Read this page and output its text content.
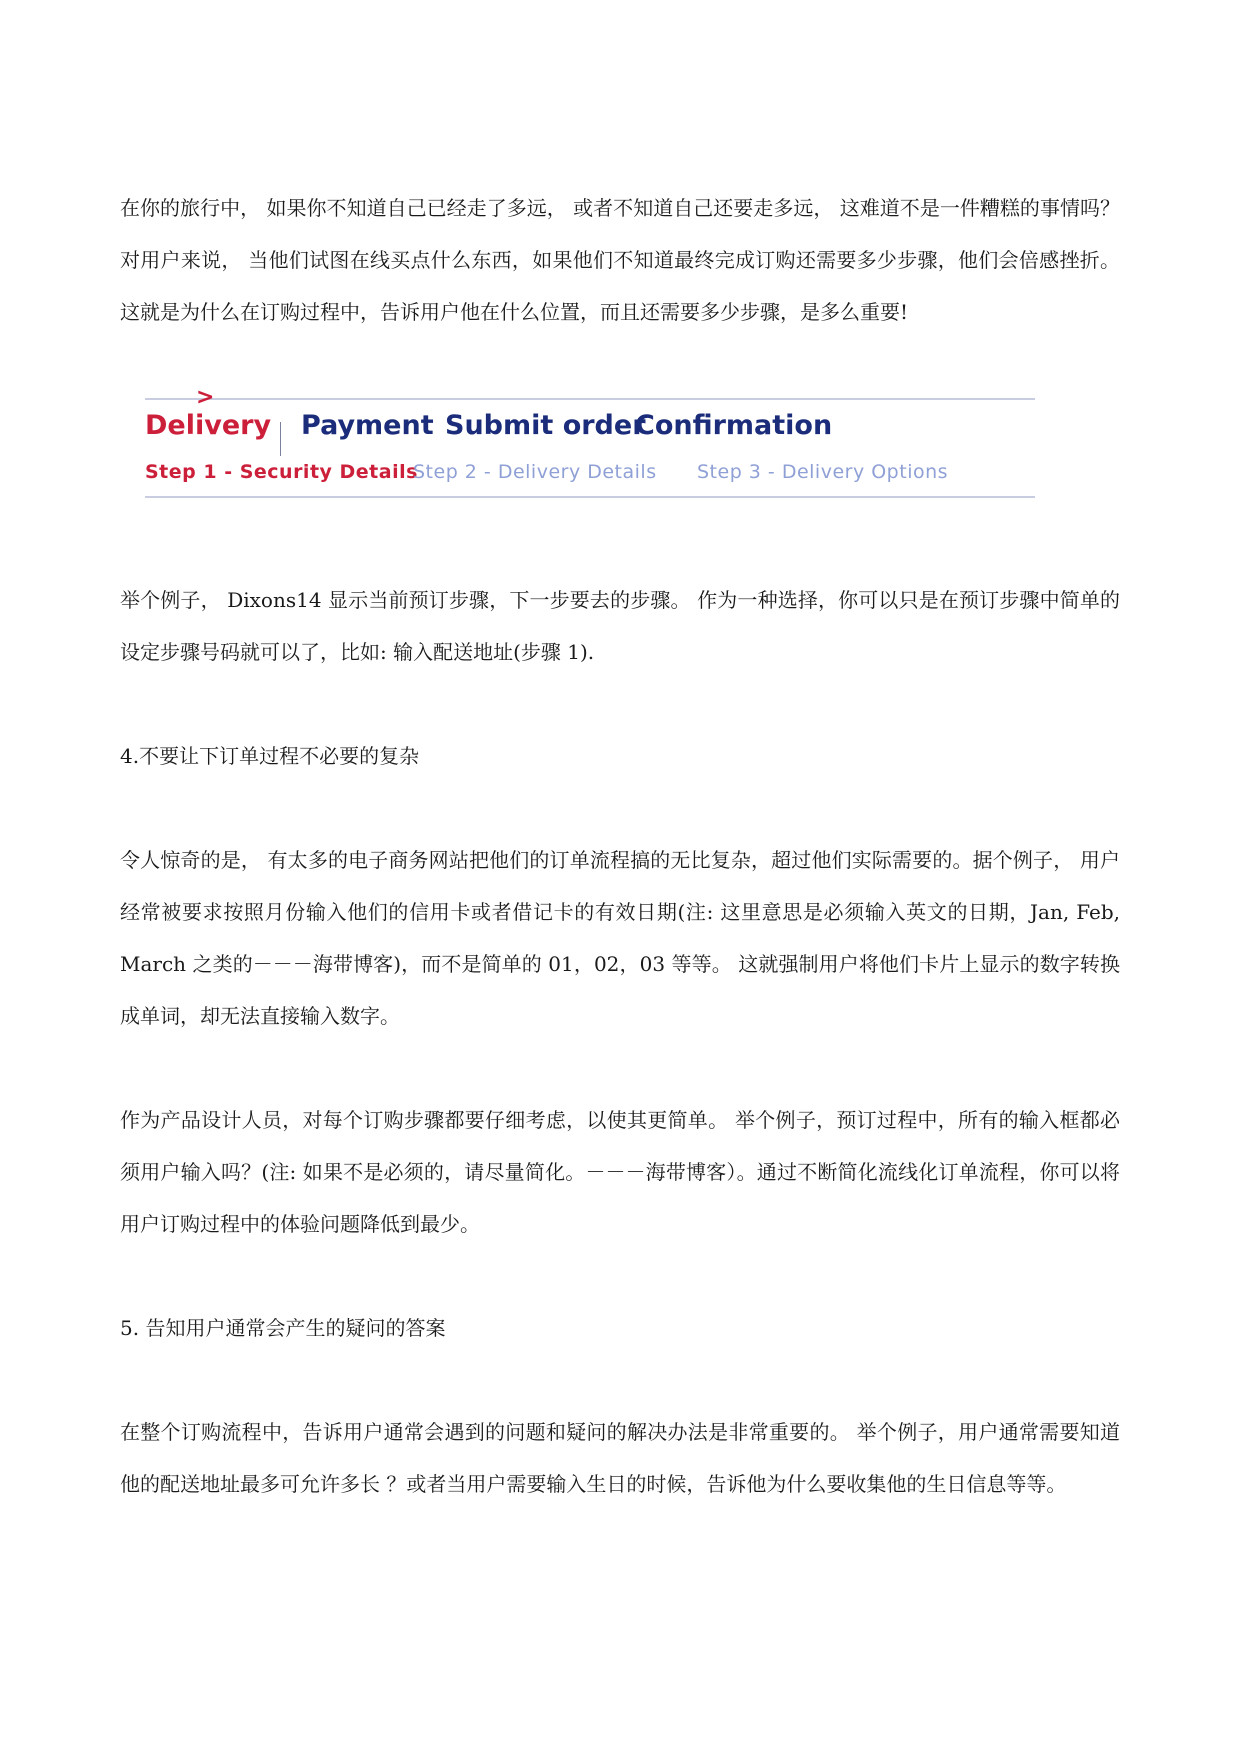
在你的旅行中， 如果你不知道自己已经走了多远， 或者不知道自己还要走多远， 这难道不是一件糟糕的事情吗？ 对用户来说， 当他们试图在线买点什么东西，如果他们不知道最终完成订购还需要多少步骤，他们会倍感挫折。 这就是为什么在订购过程中，告诉用户他在什么位置，而且还需要多少步骤，是多么重要!

>
Delivery Payment Submit order
Confirmation
Step 1 - Security Details
Step 2 - Delivery Details Step 3 - Delivery Options

举个例子， Dixons14 显示当前预订步骤，下一步要去的步骤。 作为一种选择，你可以只是在预订步骤中简单的设定步骤号码就可以了，比如: 输入配送地址(步骤 1).

4.不要让下订单过程不必要的复杂

令人惊奇的是， 有太多的电子商务网站把他们的订单流程搞的无比复杂，超过他们实际需要的。据个例子， 用户经常被要求按照月份输入他们的信用卡或者借记卡的有效日期(注: 这里意思是必须输入英文的日期，Jan, Feb, March 之类的－－－海带博客)，而不是简单的 01，02，03 等等。 这就强制用户将他们卡片上显示的数字转换成单词，却无法直接输入数字。

作为产品设计人员，对每个订购步骤都要仔细考虑，以使其更简单。 举个例子，预订过程中，所有的输入框都必须用户输入吗？(注: 如果不是必须的，请尽量简化。－－－海带博客）。通过不断简化流线化订单流程，你可以将用户订购过程中的体验问题降低到最少。

5. 告知用户通常会产生的疑问的答案

在整个订购流程中，告诉用户通常会遇到的问题和疑问的解决办法是非常重要的。 举个例子，用户通常需要知道他的配送地址最多可允许多长 ？或者当用户需要输入生日的时候，告诉他为什么要收集他的生日信息等等。
